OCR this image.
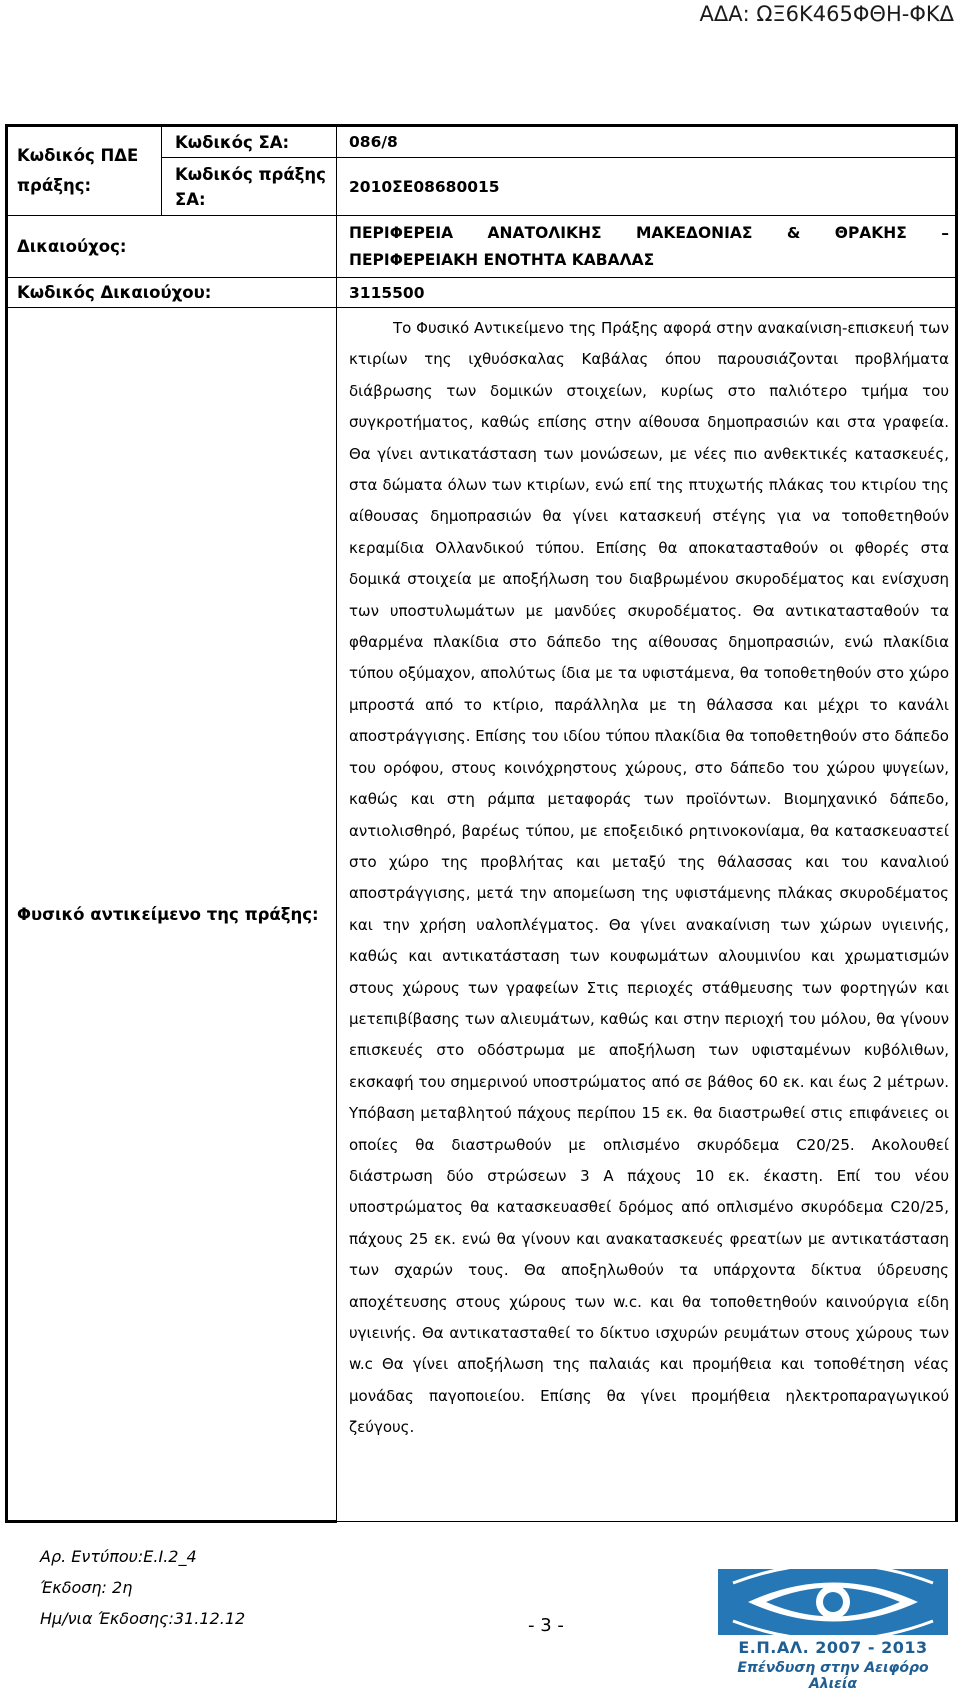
ΑΔΑ: ΩΞ6Κ465ΦΘΗ-ΦΚΔ
Κωδικός ΠΔΕ πράξης:	Κωδικός ΣΑ:	086/8
	Κωδικός πράξης ΣΑ:	2010ΣΕ08680015
Δικαιούχος:		ΠΕΡΙΦΕΡΕΙΑ ΑΝΑΤΟΛΙΚΗΣ ΜΑΚΕΔΟΝΙΑΣ & ΘΡΑΚΗΣ –
ΠΕΡΙΦΕΡΕΙΑΚΗ ΕΝΟΤΗΤΑ ΚΑΒΑΛΑΣ

Κωδικός Δικαιούχου:		3115500
Φυσικό αντικείμενο της πράξης:		Το Φυσικό Αντικείμενο της Πράξης αφορά στην ανακαίνιση-επισκευή των κτιρίων της ιχθυόσκαλας Καβάλας όπου παρουσιάζονται προβλήματα διάβρωσης των δομικών στοιχείων, κυρίως στο παλιότερο τμήμα του συγκροτήματος, καθώς επίσης στην αίθουσα δημοπρασιών και στα γραφεία. Θα γίνει αντικατάσταση των μονώσεων, με νέες πιο ανθεκτικές κατασκευές, στα δώματα όλων των κτιρίων, ενώ επί της πτυχωτής πλάκας του κτιρίου της αίθουσας δημοπρασιών θα γίνει κατασκευή στέγης για να τοποθετηθούν κεραμίδια Ολλανδικού τύπου. Επίσης θα αποκατασταθούν οι φθορές στα δομικά στοιχεία με αποξήλωση του διαβρωμένου σκυροδέματος και ενίσχυση των υποστυλωμάτων με μανδύες σκυροδέματος. Θα αντικατασταθούν τα φθαρμένα πλακίδια στο δάπεδο της αίθουσας δημοπρασιών, ενώ πλακίδια τύπου οξύμαχον, απολύτως ίδια με τα υφιστάμενα, θα τοποθετηθούν στο χώρο μπροστά από το κτίριο, παράλληλα με τη θάλασσα και μέχρι το κανάλι αποστράγγισης. Επίσης του ιδίου τύπου πλακίδια θα τοποθετηθούν στο δάπεδο του ορόφου, στους κοινόχρηστους χώρους, στο δάπεδο του χώρου ψυγείων, καθώς και στη ράμπα μεταφοράς των προϊόντων. Βιομηχανικό δάπεδο, αντιολισθηρό, βαρέως τύπου, με εποξειδικό ρητινοκονίαμα, θα κατασκευαστεί στο χώρο της προβλήτας και μεταξύ της θάλασσας και του καναλιού αποστράγγισης, μετά την απομείωση της υφιστάμενης πλάκας σκυροδέματος και την χρήση υαλοπλέγματος. Θα γίνει ανακαίνιση των χώρων υγιεινής, καθώς και αντικατάσταση των κουφωμάτων αλουμινίου και χρωματισμών στους χώρους των γραφείων Στις περιοχές στάθμευσης των φορτηγών και μετεπιβίβασης των αλιευμάτων, καθώς και στην περιοχή του μόλου, θα γίνουν επισκευές στο οδόστρωμα με αποξήλωση των υφισταμένων κυβόλιθων, εκσκαφή του σημερινού υποστρώματος από σε βάθος 60 εκ. και έως 2 μέτρων. Υπόβαση μεταβλητού πάχους περίπου 15 εκ. θα διαστρωθεί στις επιφάνειες οι οποίες θα διαστρωθούν με οπλισμένο σκυρόδεμα C20/25. Ακολουθεί διάστρωση δύο στρώσεων 3 Α πάχους 10 εκ. έκαστη. Επί του νέου υποστρώματος θα κατασκευασθεί δρόμος από οπλισμένο σκυρόδεμα C20/25, πάχους 25 εκ. ενώ θα γίνουν και ανακατασκευές φρεατίων με αντικατάσταση των σχαρών τους. Θα αποξηλωθούν τα υπάρχοντα δίκτυα ύδρευσης αποχέτευσης στους χώρους των w.c. και θα τοποθετηθούν καινούργια είδη υγιεινής. Θα αντικατασταθεί το δίκτυο ισχυρών ρευμάτων στους χώρους των w.c Θα γίνει αποξήλωση της παλαιάς και προμήθεια και τοποθέτηση νέας μονάδας παγοποιείου. Επίσης θα γίνει προμήθεια ηλεκτροπαραγωγικού ζεύγους.

Αρ. Εντύπου:Ε.Ι.2_4
Έκδοση: 2η
Ημ/νια Έκδοσης:31.12.12	- 3 -
Ε.Π.ΑΛ. 2007 - 2013
Επένδυση στην Αειφόρο Αλιεία
